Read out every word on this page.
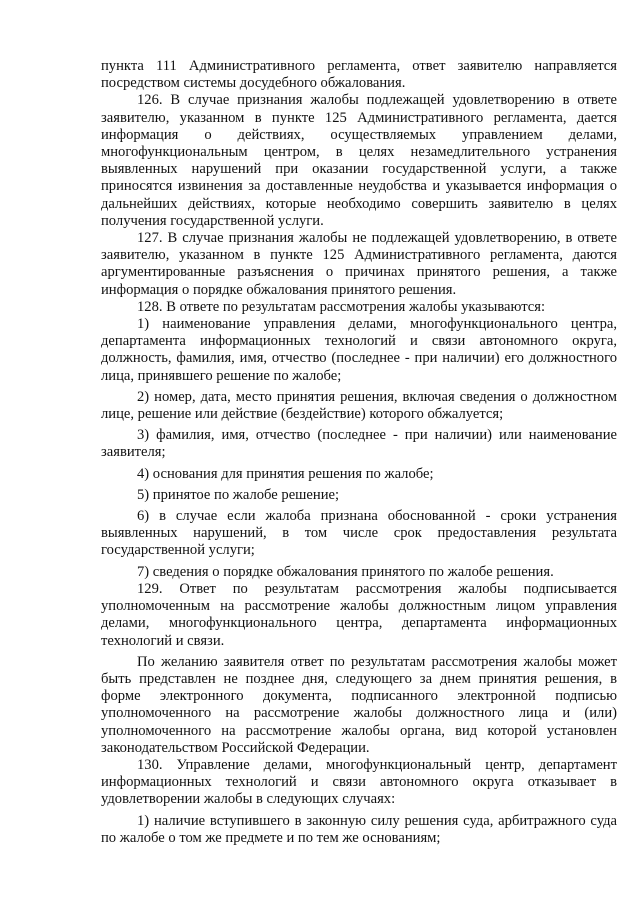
пункта 111 Административного регламента, ответ заявителю направляется посредством системы досудебного обжалования.

126. В случае признания жалобы подлежащей удовлетворению в ответе заявителю, указанном в пункте 125 Административного регламента, дается информация о действиях, осуществляемых управлением делами, многофункциональным центром, в целях незамедлительного устранения выявленных нарушений при оказании государственной услуги, а также приносятся извинения за доставленные неудобства и указывается информация о дальнейших действиях, которые необходимо совершить заявителю в целях получения государственной услуги.

127. В случае признания жалобы не подлежащей удовлетворению, в ответе заявителю, указанном в пункте 125 Административного регламента, даются аргументированные разъяснения о причинах принятого решения, а также информация о порядке обжалования принятого решения.

128. В ответе по результатам рассмотрения жалобы указываются:

1) наименование управления делами, многофункционального центра, департамента информационных технологий и связи автономного округа, должность, фамилия, имя, отчество (последнее - при наличии) его должностного лица, принявшего решение по жалобе;

2) номер, дата, место принятия решения, включая сведения о должностном лице, решение или действие (бездействие) которого обжалуется;

3) фамилия, имя, отчество (последнее - при наличии) или наименование заявителя;

4) основания для принятия решения по жалобе;

5) принятое по жалобе решение;

6) в случае если жалоба признана обоснованной - сроки устранения выявленных нарушений, в том числе срок предоставления результата государственной услуги;

7) сведения о порядке обжалования принятого по жалобе решения.

129. Ответ по результатам рассмотрения жалобы подписывается уполномоченным на рассмотрение жалобы должностным лицом управления делами, многофункционального центра, департамента информационных технологий и связи.

По желанию заявителя ответ по результатам рассмотрения жалобы может быть представлен не позднее дня, следующего за днем принятия решения, в форме электронного документа, подписанного электронной подписью уполномоченного на рассмотрение жалобы должностного лица и (или) уполномоченного на рассмотрение жалобы органа, вид которой установлен законодательством Российской Федерации.

130. Управление делами, многофункциональный центр, департамент информационных технологий и связи автономного округа отказывает в удовлетворении жалобы в следующих случаях:

1) наличие вступившего в законную силу решения суда, арбитражного суда по жалобе о том же предмете и по тем же основаниям;
